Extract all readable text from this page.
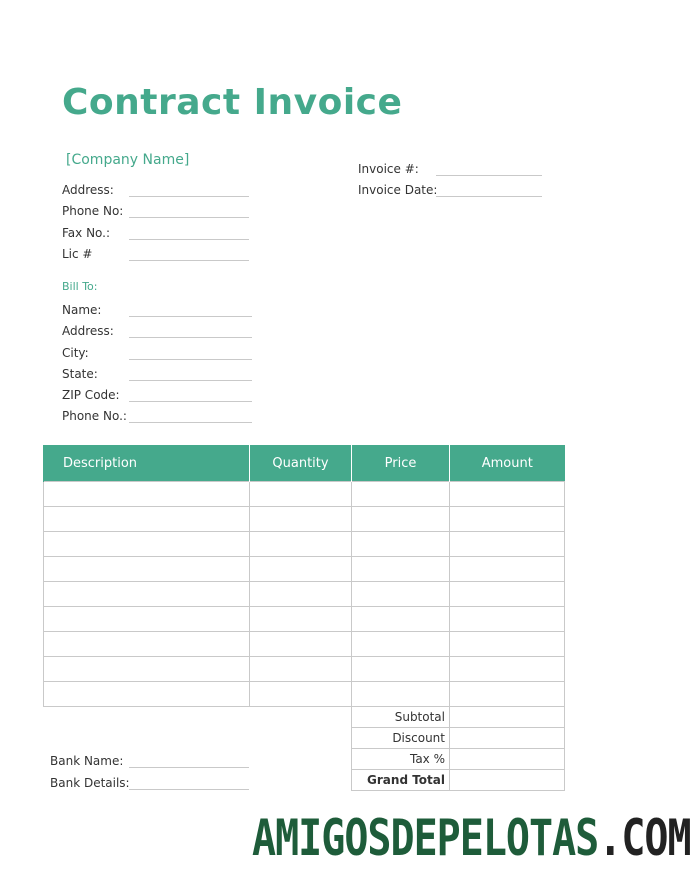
Contract Invoice
[Company Name]
Address:
Phone No:
Fax No.:
Lic #
Invoice #:
Invoice Date:
Bill To:
Name:
Address:
City:
State:
ZIP Code:
Phone No.:
Description	Quantity	Price	Amount

Subtotal	
Discount	
Tax %	
Grand Total	
Bank Name:
Bank Details:
AMIGOSDEPELOTAS.COM
